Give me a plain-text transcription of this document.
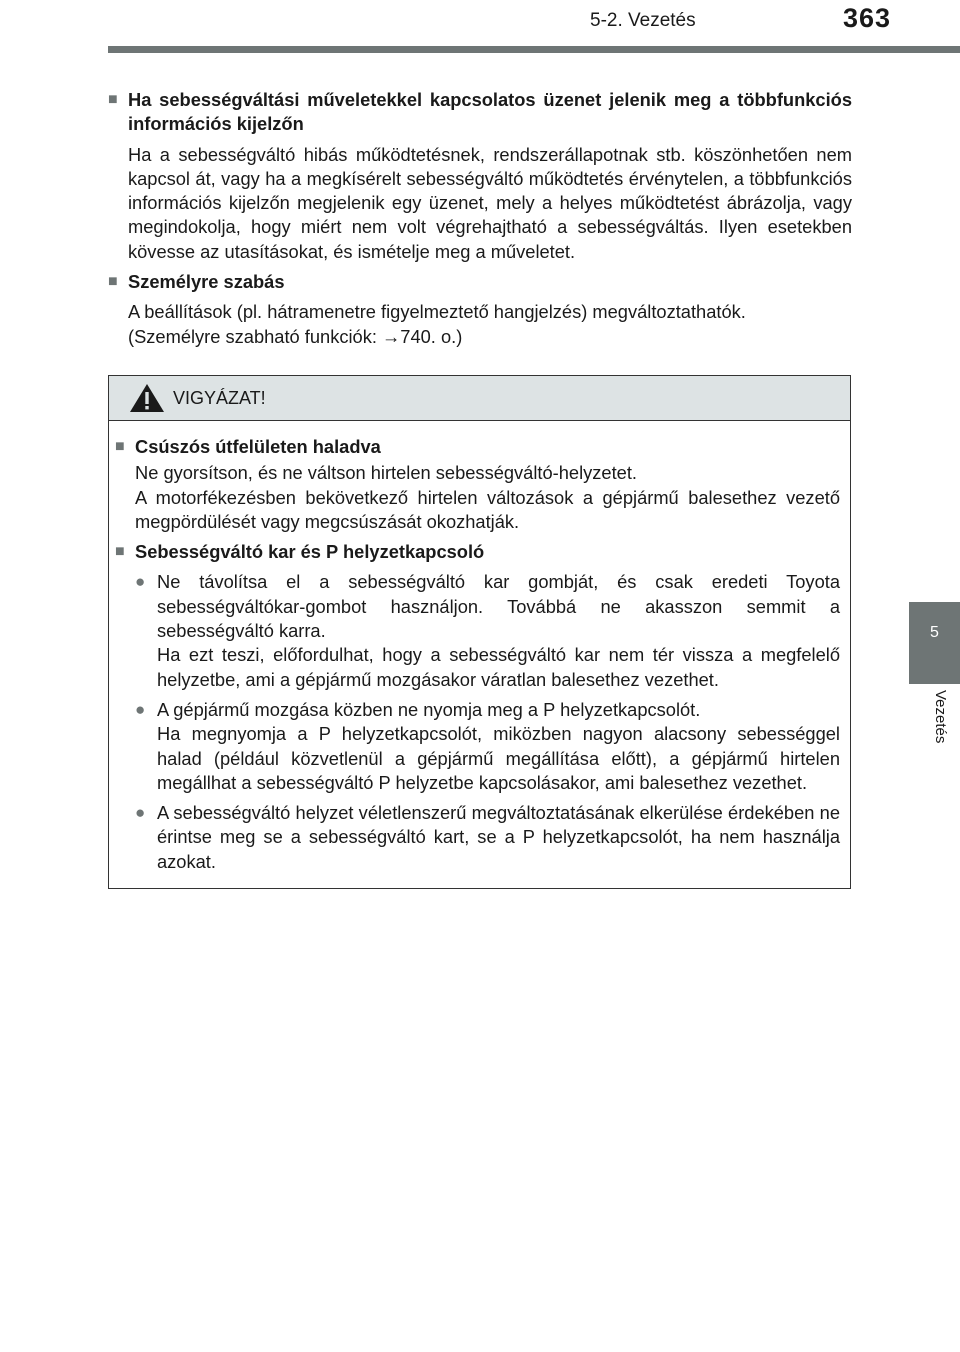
5-2. Vezetés	363
5
Vezetés
■ Ha sebességváltási műveletekkel kapcsolatos üzenet jelenik meg a többfunkciós információs kijelzőn
Ha a sebességváltó hibás működtetésnek, rendszerállapotnak stb. köszönhetően nem kapcsol át, vagy ha a megkísérelt sebességváltó működtetés érvénytelen, a többfunkciós információs kijelzőn megjelenik egy üzenet, mely a helyes működtetést ábrázolja, vagy megindokolja, hogy miért nem volt végrehajtható a sebességváltás. Ilyen esetekben kövesse az utasításokat, és ismételje meg a műveletet.
■ Személyre szabás
A beállítások (pl. hátramenetre figyelmeztető hangjelzés) megváltoztathatók.
(Személyre szabható funkciók: →740. o.)
VIGYÁZAT!
■ Csúszós útfelületen haladva
Ne gyorsítson, és ne váltson hirtelen sebességváltó-helyzetet.
A motorfékezésben bekövetkező hirtelen változások a gépjármű balesethez vezető megpördülését vagy megcsúszását okozhatják.
■ Sebességváltó kar és P helyzetkapcsoló
● Ne távolítsa el a sebességváltó kar gombját, és csak eredeti Toyota sebességváltókar-gombot használjon. Továbbá ne akasszon semmit a sebességváltó karra.
Ha ezt teszi, előfordulhat, hogy a sebességváltó kar nem tér vissza a megfelelő helyzetbe, ami a gépjármű mozgásakor váratlan balesethez vezethet.
● A gépjármű mozgása közben ne nyomja meg a P helyzetkapcsolót.
Ha megnyomja a P helyzetkapcsolót, miközben nagyon alacsony sebességgel halad (például közvetlenül a gépjármű megállítása előtt), a gépjármű hirtelen megállhat a sebességváltó P helyzetbe kapcsolásakor, ami balesethez vezethet.
● A sebességváltó helyzet véletlenszerű megváltoztatásának elkerülése érdekében ne érintse meg se a sebességváltó kart, se a P helyzetkapcsolót, ha nem használja azokat.
